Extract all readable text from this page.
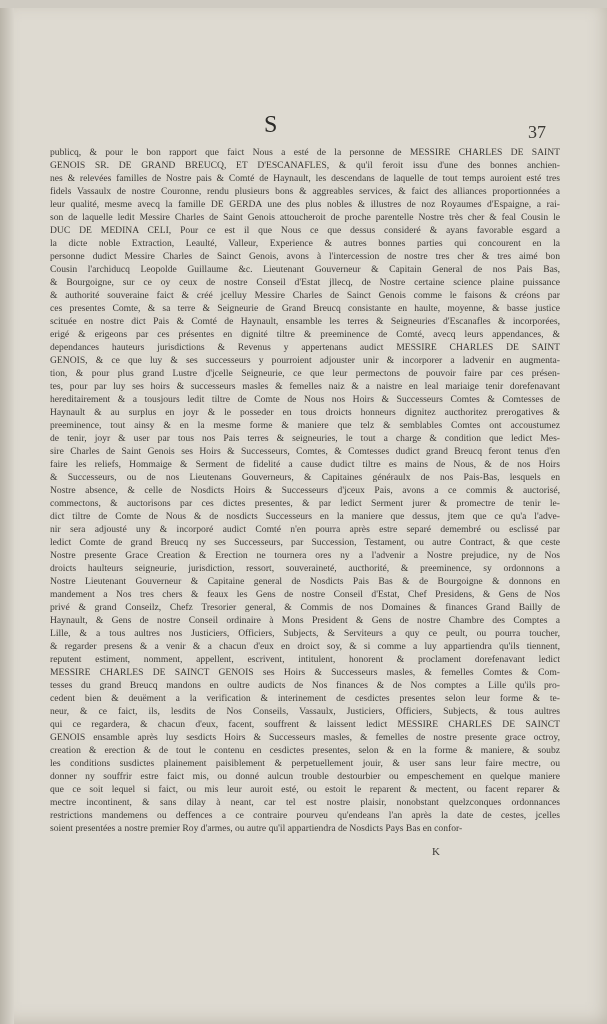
S	37
publicq, & pour le bon rapport que faict Nous a esté de la personne de MESSIRE CHARLES DE SAINT
GENOIS SR. DE GRAND BREUCQ, ET D'ESCANAFLES, & qu'il feroit issu d'une des bonnes anchien-
nes & relevées familles de Nostre pais & Comté de Haynault, les descendans de laquelle de tout temps auroient esté tres
fidels Vassaulx de nostre Couronne, rendu plusieurs bons & aggreables services, & faict des alliances proportionnées a
leur qualité, mesme avecq la famille DE GERDA une des plus nobles & illustres de noz Royaumes d'Espaigne, a rai-
son de laquelle ledit Messire Charles de Saint Genois attoucheroit de proche parentelle Nostre très cher & feal Cousin le
DUC DE MEDINA CELI, Pour ce est il que Nous ce que dessus consideré & ayans favorable esgard a
la dicte noble Extraction, Leaulté, Valleur, Experience & autres bonnes parties qui concourent en la
personne dudict Messire Charles de Sainct Genois, avons à l'intercession de nostre tres cher & tres aimé bon
Cousin l'archiducq Leopolde Guillaume &c. Lieutenant Gouverneur & Capitain General de nos Pais Bas,
& Bourgoigne, sur ce oy ceux de nostre Conseil d'Estat jllecq, de Nostre certaine science plaine puissance
& authorité souveraine faict & créé jcelluy Messire Charles de Sainct Genois comme le faisons & créons par
ces presentes Comte, & sa terre & Seigneurie de Grand Breucq consistante en haulte, moyenne, & basse justice
scituée en nostre dict Pais & Comté de Haynault, ensamble les terres & Seigneuries d'Escanafles & incorporées,
erigé & erigeons par ces présentes en dignité tiltre & preeminence de Comté, avecq leurs appendances, &
dependances hauteurs jurisdictions & Revenus y appertenans audict MESSIRE CHARLES DE SAINT
GENOIS, & ce que luy & ses successeurs y pourroient adjouster unir & incorporer a ladvenir en augmenta-
tion, & pour plus grand Lustre d'jcelle Seigneurie, ce que leur permectons de pouvoir faire par ces présen-
tes, pour par luy ses hoirs & successeurs masles & femelles naiz & a naistre en leal mariaige tenir dorefenavant
hereditairement & a tousjours ledit tiltre de Comte de Nous nos Hoirs & Successeurs Comtes & Comtesses de
Haynault & au surplus en joyr & le posseder en tous droicts honneurs dignitez aucthoritez prerogatives &
preeminence, tout ainsy & en la mesme forme & maniere que telz & semblables Comtes ont accoustumez
de tenir, joyr & user par tous nos Pais terres & seigneuries, le tout a charge & condition que ledict Mes-
sire Charles de Saint Genois ses Hoirs & Successeurs, Comtes, & Comtesses dudict grand Breucq feront tenus d'en
faire les reliefs, Hommaige & Serment de fidelité a cause dudict tiltre es mains de Nous, & de nos Hoirs
& Successeurs, ou de nos Lieutenans Gouverneurs, & Capitaines généraulx de nos Pais-Bas, lesquels en
Nostre absence, & celle de Nosdicts Hoirs & Successeurs d'jceux Pais, avons a ce commis & auctorisé,
commectons, & auctorisons par ces dictes presentes, & par ledict Serment jurer & promectre de tenir le-
dict tiltre de Comte de Nous & de nosdicts Successeurs en la maniere que dessus, jtem que ce qu'a l'adve-
nir sera adjousté uny & incorporé audict Comté n'en pourra après estre separé demembré ou esclissé par
ledict Comte de grand Breucq ny ses Successeurs, par Succession, Testament, ou autre Contract, & que ceste
Nostre presente Grace Creation & Erection ne tournera ores ny a l'advenir a Nostre prejudice, ny de Nos
droicts haulteurs seigneurie, jurisdiction, ressort, souveraineté, aucthorité, & preeminence, sy ordonnons a
Nostre Lieutenant Gouverneur & Capitaine general de Nosdicts Pais Bas & de Bourgoigne & donnons en
mandement a Nos tres chers & feaux les Gens de nostre Conseil d'Estat, Chef Presidens, & Gens de Nos
privé & grand Conseilz, Chefz Tresorier general, & Commis de nos Domaines & finances Grand Bailly de
Haynault, & Gens de nostre Conseil ordinaire à Mons President & Gens de nostre Chambre des Comptes a
Lille, & a tous aultres nos Justiciers, Officiers, Subjects, & Serviteurs a quy ce peult, ou pourra toucher,
& regarder presens & a venir & a chacun d'eux en droict soy, & si comme a luy appartiendra qu'ils tiennent,
reputent estiment, nomment, appellent, escrivent, intitulent, honorent & proclament dorefenavant ledict
MESSIRE CHARLES DE SAINCT GENOIS ses Hoirs & Successeurs masles, & femelles Comtes & Com-
tesses du grand Breucq mandons en oultre audicts de Nos finances & de Nos comptes a Lille qu'ils pro-
cedent bien & deuëment a la verification & interinement de cesdictes presentes selon leur forme & te-
neur, & ce faict, ils, lesdits de Nos Conseils, Vassaulx, Justiciers, Officiers, Subjects, & tous aultres
qui ce regardera, & chacun d'eux, facent, souffrent & laissent ledict MESSIRE CHARLES DE SAINCT
GENOIS ensamble après luy sesdicts Hoirs & Successeurs masles, & femelles de nostre presente grace octroy,
creation & erection & de tout le contenu en cesdictes presentes, selon & en la forme & maniere, & soubz
les conditions susdictes plainement paisiblement & perpetuellement jouir, & user sans leur faire mectre, ou
donner ny souffrir estre faict mis, ou donné aulcun trouble destourbier ou empeschement en quelque maniere
que ce soit lequel si faict, ou mis leur auroit esté, ou estoit le reparent & mectent, ou facent reparer &
mectre incontinent, & sans dilay à neant, car tel est nostre plaisir, nonobstant quelzconques ordonnances
restrictions mandemens ou deffences a ce contraire pourveu qu'endeans l'an après la date de cestes, jcelles
soient presentées a nostre premier Roy d'armes, ou autre qu'il appartiendra de Nosdicts Pays Bas en confor-
K
